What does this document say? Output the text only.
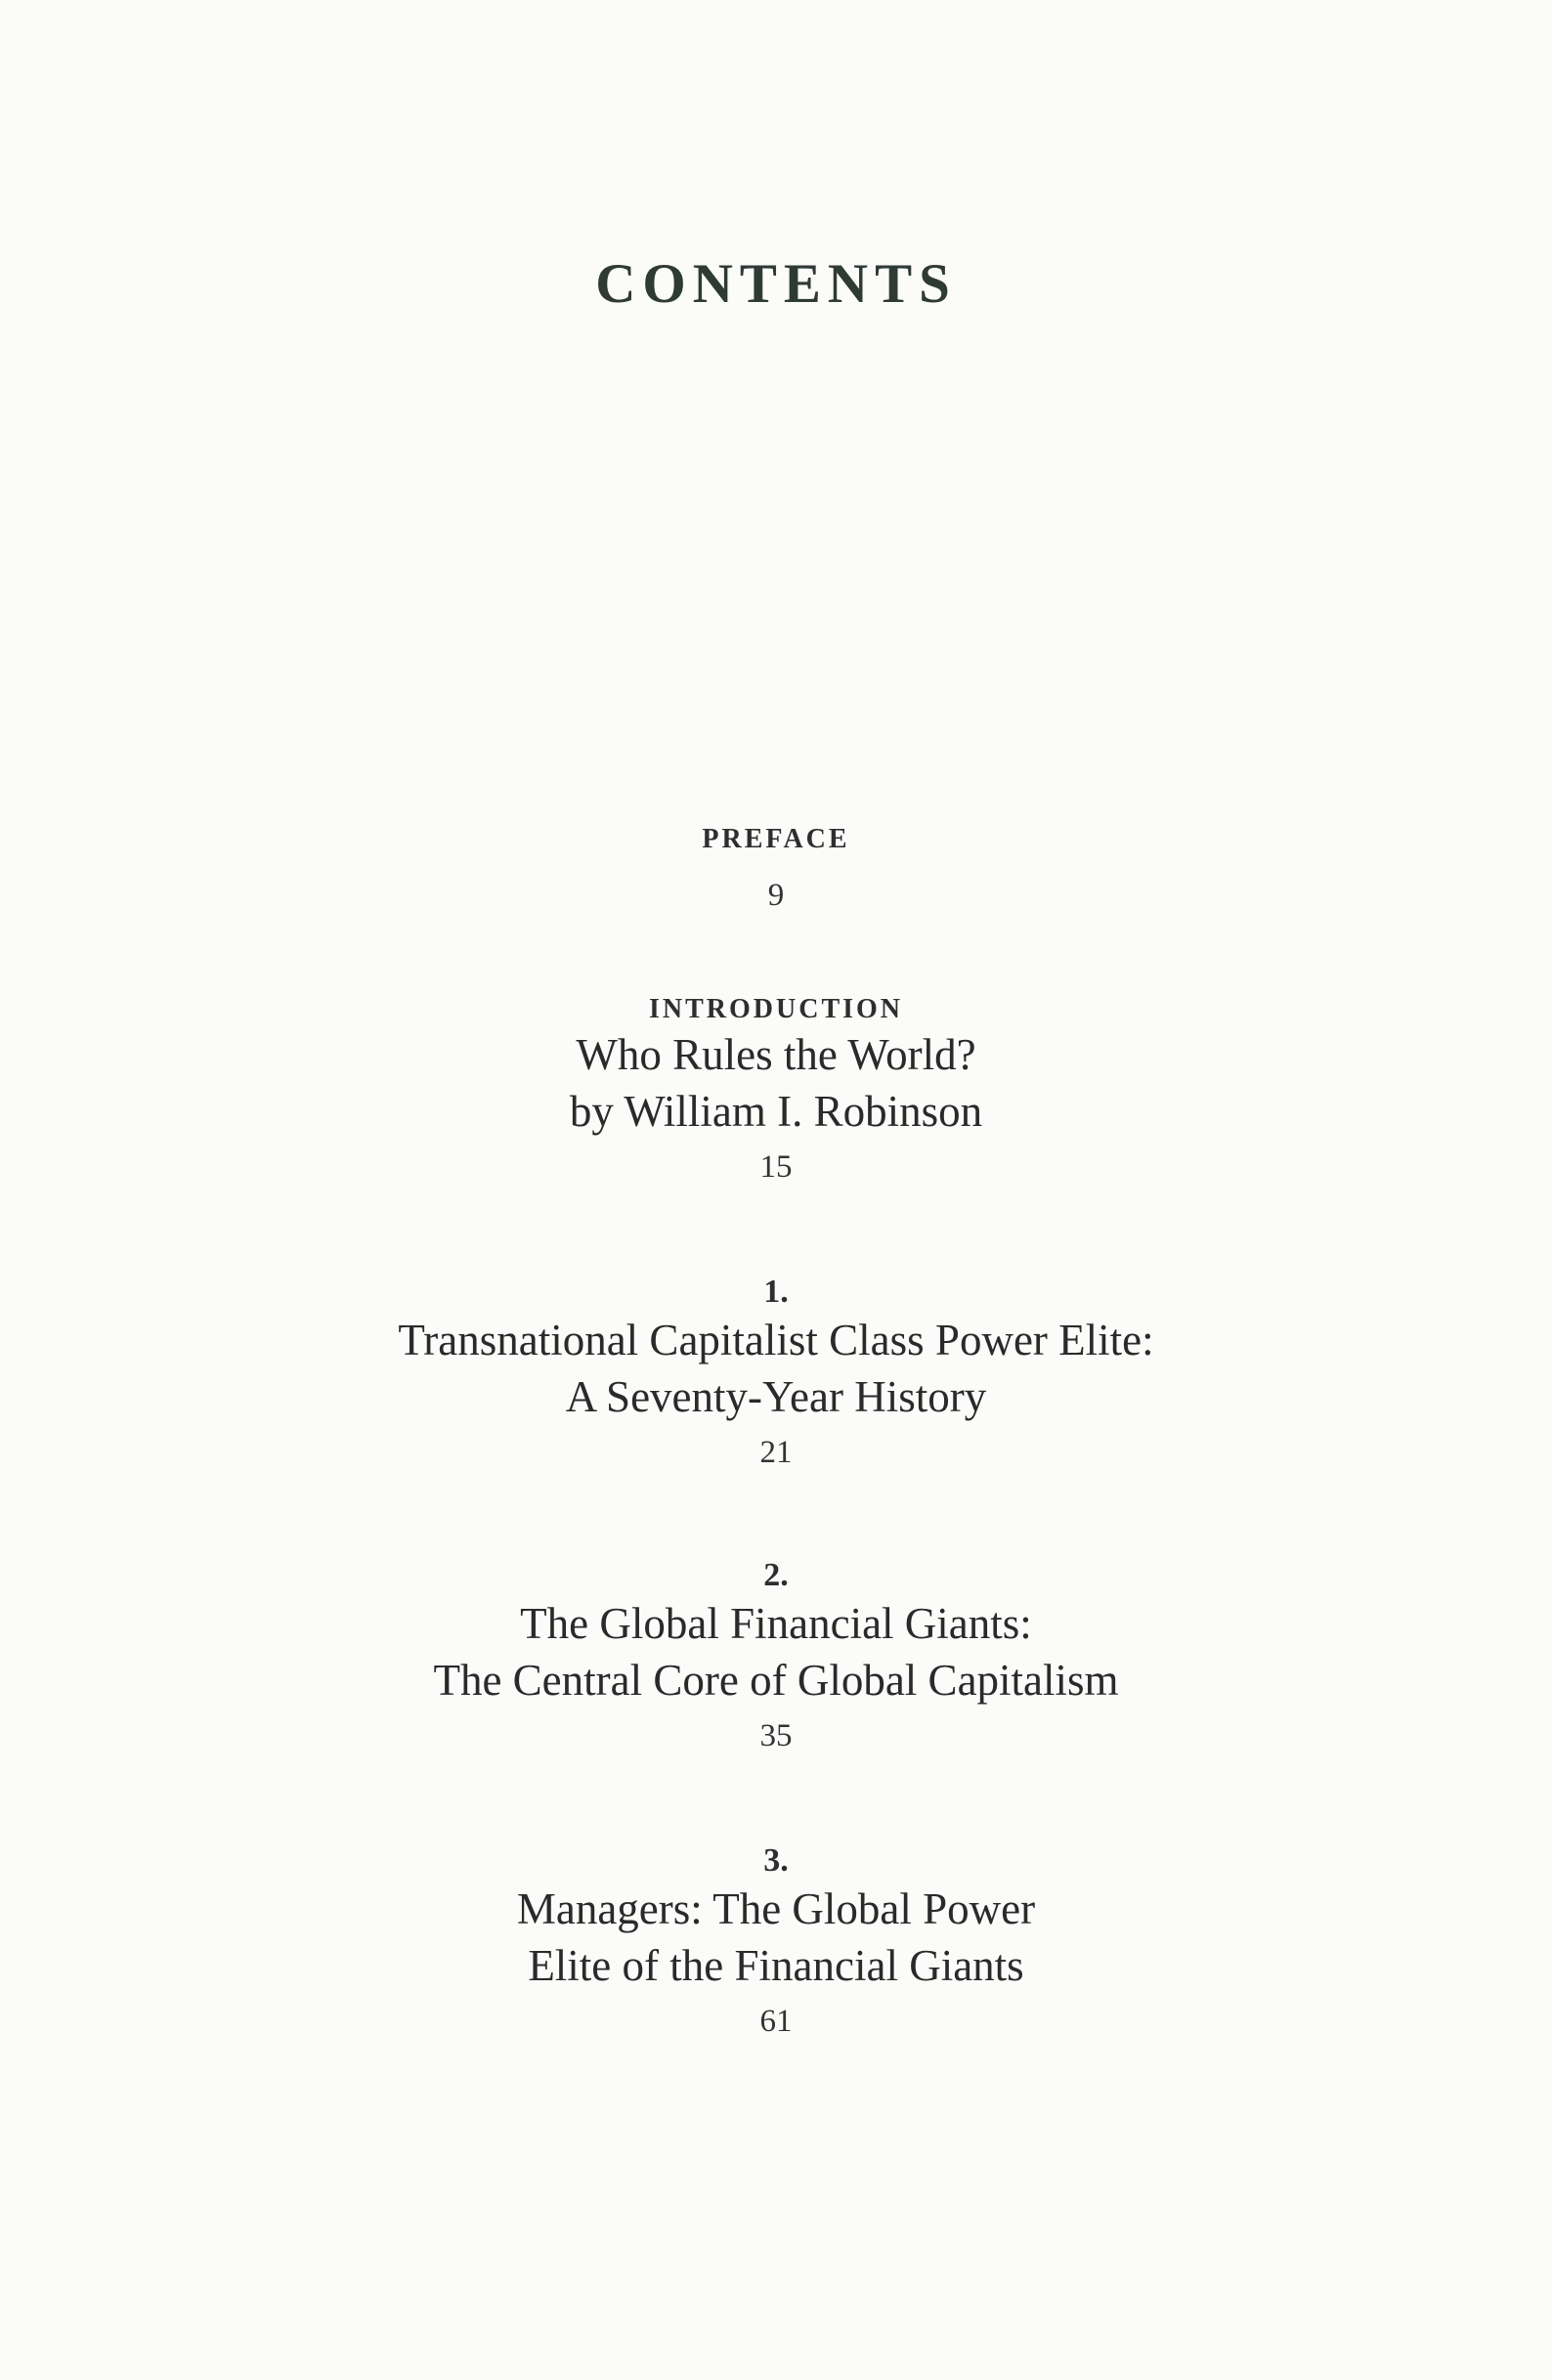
CONTENTS
PREFACE
9
INTRODUCTION
Who Rules the World?
by William I. Robinson
15
1.
Transnational Capitalist Class Power Elite:
A Seventy-Year History
21
2.
The Global Financial Giants:
The Central Core of Global Capitalism
35
3.
Managers: The Global Power
Elite of the Financial Giants
61
